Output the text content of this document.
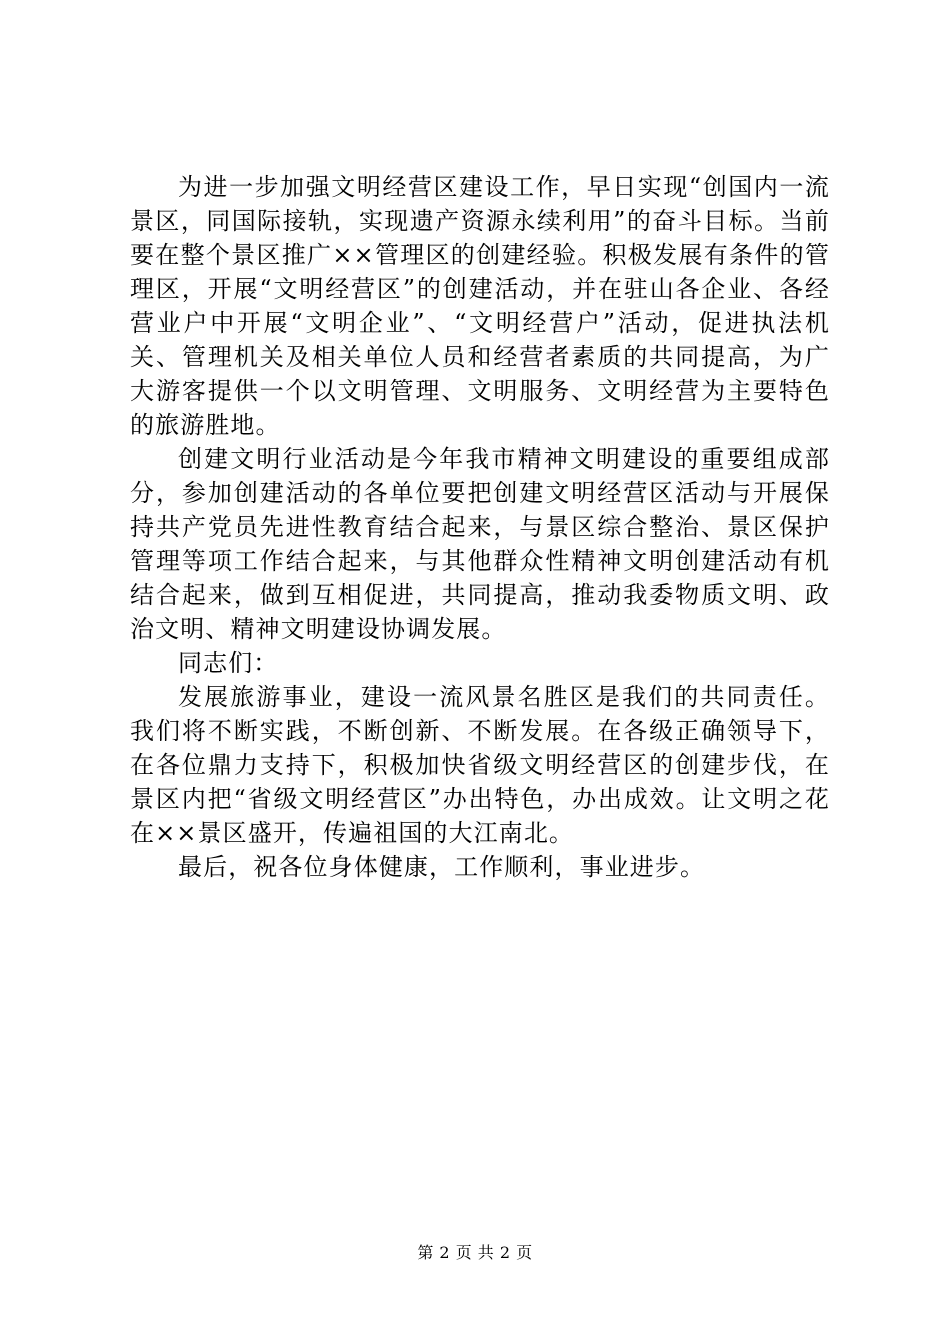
为进一步加强文明经营区建设工作，早日实现“创国内一流景区，同国际接轨，实现遗产资源永续利用”的奋斗目标。当前要在整个景区推广××管理区的创建经验。积极发展有条件的管理区，开展“文明经营区”的创建活动，并在驻山各企业、各经营业户中开展“文明企业”、“文明经营户”活动，促进执法机关、管理机关及相关单位人员和经营者素质的共同提高，为广大游客提供一个以文明管理、文明服务、文明经营为主要特色的旅游胜地。

创建文明行业活动是今年我市精神文明建设的重要组成部分，参加创建活动的各单位要把创建文明经营区活动与开展保持共产党员先进性教育结合起来，与景区综合整治、景区保护管理等项工作结合起来，与其他群众性精神文明创建活动有机结合起来，做到互相促进，共同提高，推动我委物质文明、政治文明、精神文明建设协调发展。

同志们：

发展旅游事业，建设一流风景名胜区是我们的共同责任。我们将不断实践，不断创新、不断发展。在各级正确领导下，在各位鼎力支持下，积极加快省级文明经营区的创建步伐，在景区内把“省级文明经营区”办出特色，办出成效。让文明之花在××景区盛开，传遍祖国的大江南北。

最后，祝各位身体健康，工作顺利，事业进步。

第 2 页 共 2 页
